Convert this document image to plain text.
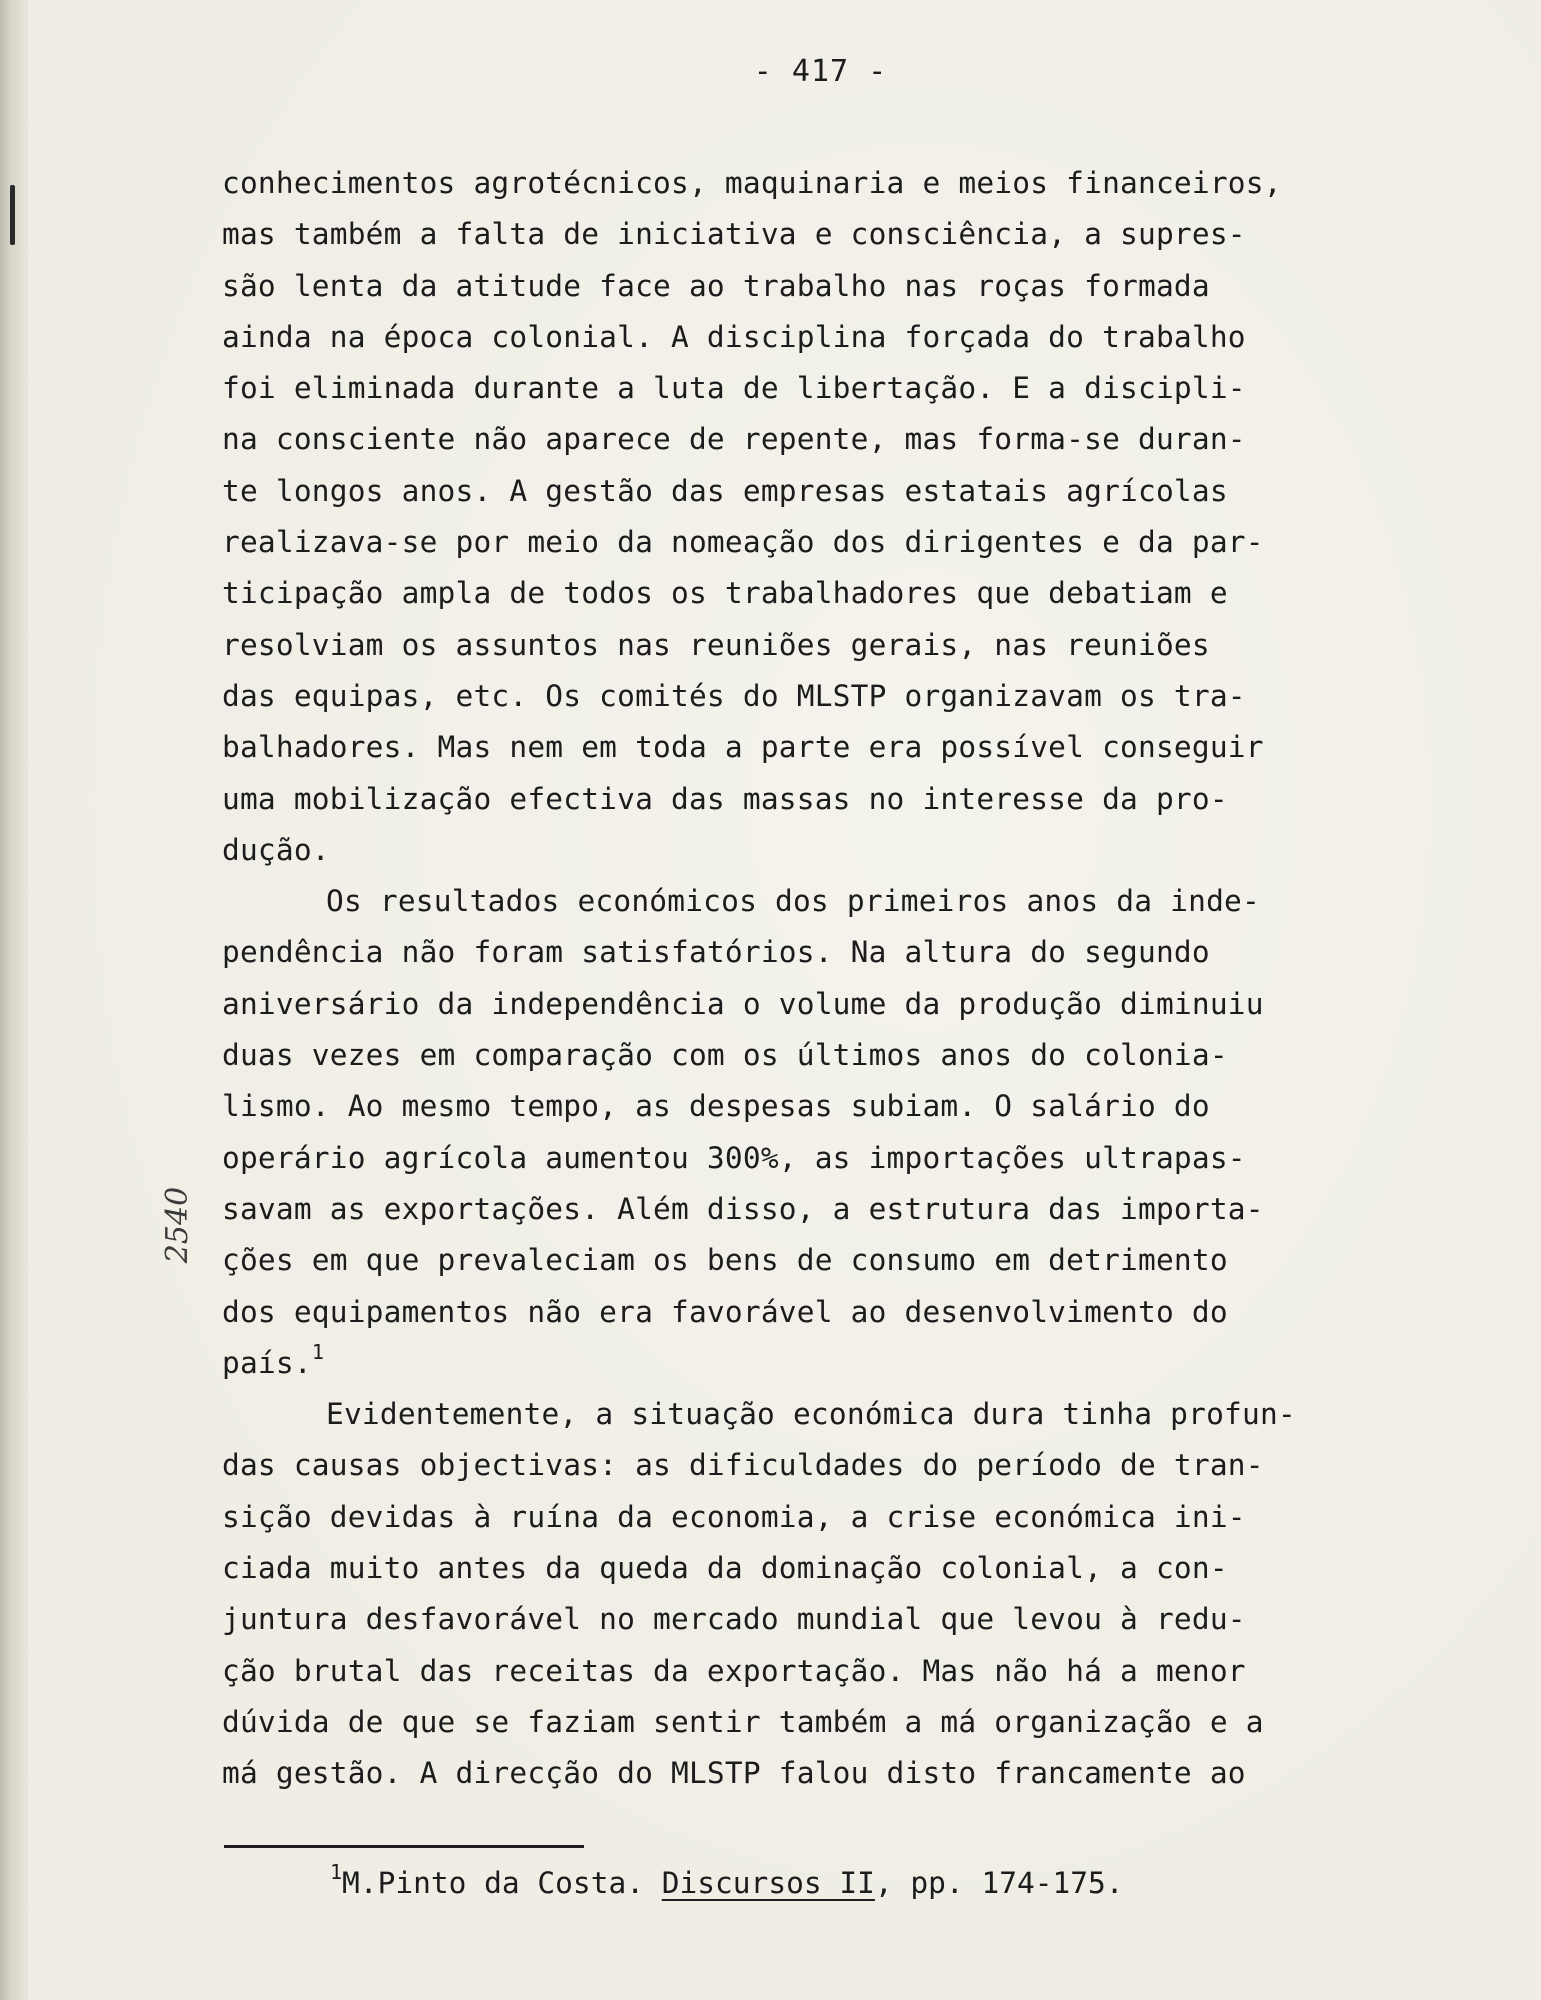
- 417 -
2540
conhecimentos agrotécnicos, maquinaria e meios financeiros,
mas também a falta de iniciativa e consciência, a supres-
são lenta da atitude face ao trabalho nas roças formada
ainda na época colonial. A disciplina forçada do trabalho
foi eliminada durante a luta de libertação. E a discipli-
na consciente não aparece de repente, mas forma-se duran-
te longos anos. A gestão das empresas estatais agrícolas
realizava-se por meio da nomeação dos dirigentes e da par-
ticipação ampla de todos os trabalhadores que debatiam e
resolviam os assuntos nas reuniões gerais, nas reuniões
das equipas, etc. Os comités do MLSTP organizavam os tra-
balhadores. Mas nem em toda a parte era possível conseguir
uma mobilização efectiva das massas no interesse da pro-
dução.
Os resultados económicos dos primeiros anos da inde-
pendência não foram satisfatórios. Na altura do segundo
aniversário da independência o volume da produção diminuiu
duas vezes em comparação com os últimos anos do colonia-
lismo. Ao mesmo tempo, as despesas subiam. O salário do
operário agrícola aumentou 300%, as importações ultrapas-
savam as exportações. Além disso, a estrutura das importa-
ções em que prevaleciam os bens de consumo em detrimento
dos equipamentos não era favorável ao desenvolvimento do
país.$^1$
Evidentemente, a situação económica dura tinha profun-
das causas objectivas: as dificuldades do período de tran-
sição devidas à ruína da economia, a crise económica ini-
ciada muito antes da queda da dominação colonial, a con-
juntura desfavorável no mercado mundial que levou à redu-
ção brutal das receitas da exportação. Mas não há a menor
dúvida de que se faziam sentir também a má organização e a
má gestão. A direcção do MLSTP falou disto francamente ao
$^1$M.Pinto da Costa. Discursos II, pp. 174-175.
